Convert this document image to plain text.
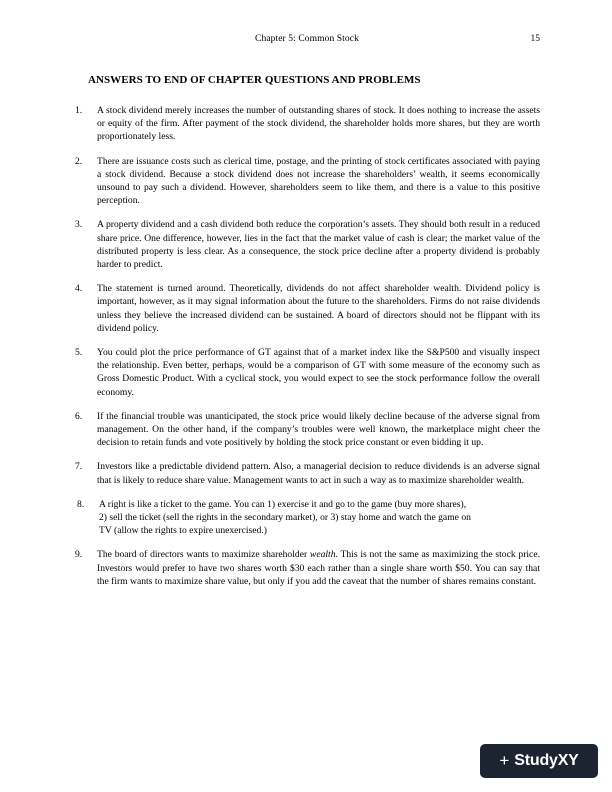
Chapter 5: Common Stock	15
ANSWERS TO END OF CHAPTER QUESTIONS AND PROBLEMS
1.	A stock dividend merely increases the number of outstanding shares of stock. It does nothing to increase the assets or equity of the firm. After payment of the stock dividend, the shareholder holds more shares, but they are worth proportionately less.
2.	There are issuance costs such as clerical time, postage, and the printing of stock certificates associated with paying a stock dividend. Because a stock dividend does not increase the shareholders’ wealth, it seems economically unsound to pay such a dividend. However, shareholders seem to like them, and there is a value to this positive perception.
3.	A property dividend and a cash dividend both reduce the corporation’s assets. They should both result in a reduced share price. One difference, however, lies in the fact that the market value of cash is clear; the market value of the distributed property is less clear. As a consequence, the stock price decline after a property dividend is probably harder to predict.
4.	The statement is turned around. Theoretically, dividends do not affect shareholder wealth. Dividend policy is important, however, as it may signal information about the future to the shareholders. Firms do not raise dividends unless they believe the increased dividend can be sustained. A board of directors should not be flippant with its dividend policy.
5.	You could plot the price performance of GT against that of a market index like the S&P500 and visually inspect the relationship. Even better, perhaps, would be a comparison of GT with some measure of the economy such as Gross Domestic Product. With a cyclical stock, you would expect to see the stock performance follow the overall economy.
6.	If the financial trouble was unanticipated, the stock price would likely decline because of the adverse signal from management. On the other hand, if the company’s troubles were well known, the marketplace might cheer the decision to retain funds and vote positively by holding the stock price constant or even bidding it up.
7.	Investors like a predictable dividend pattern. Also, a managerial decision to reduce dividends is an adverse signal that is likely to reduce share value. Management wants to act in such a way as to maximize shareholder wealth.
8.	A right is like a ticket to the game. You can 1) exercise it and go to the game (buy more shares),
2) sell the ticket (sell the rights in the secondary market), or 3) stay home and watch the game on
TV (allow the rights to expire unexercised.)
9.	The board of directors wants to maximize shareholder wealth. This is not the same as maximizing the stock price. Investors would prefer to have two shares worth $30 each rather than a single share worth $50. You can say that the firm wants to maximize share value, but only if you add the caveat that the number of shares remains constant.
+ StudyXY
